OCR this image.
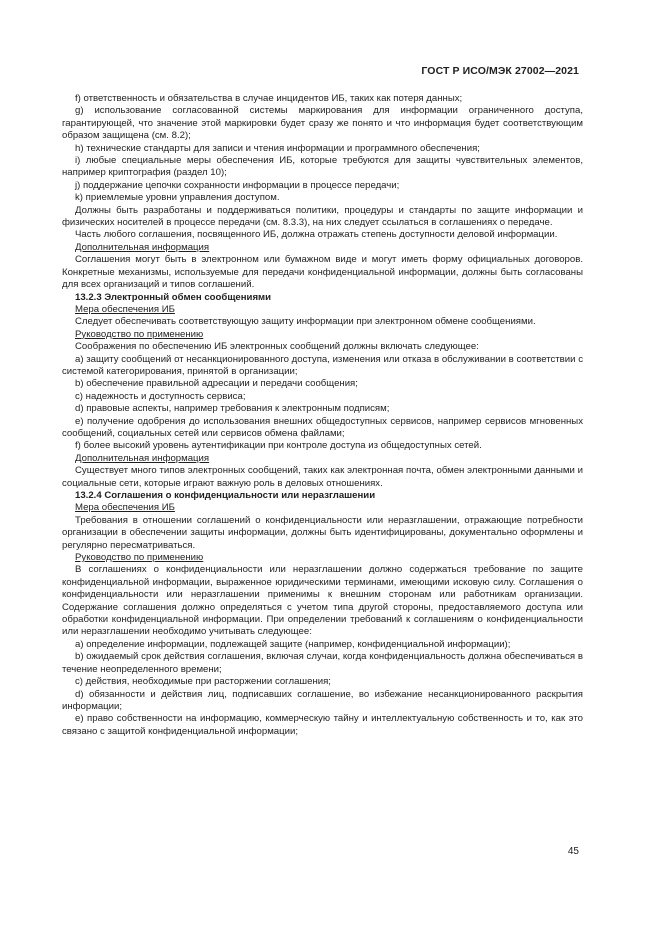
ГОСТ Р ИСО/МЭК 27002—2021

f) ответственность и обязательства в случае инцидентов ИБ, таких как потеря данных;

g) использование согласованной системы маркирования для информации ограниченного доступа, гарантирующей, что значение этой маркировки будет сразу же понято и что информация будет соответствующим образом защищена (см. 8.2);

h) технические стандарты для записи и чтения информации и программного обеспечения;

i) любые специальные меры обеспечения ИБ, которые требуются для защиты чувствительных элементов, например криптография (раздел 10);

j) поддержание цепочки сохранности информации в процессе передачи;

k) приемлемые уровни управления доступом.

Должны быть разработаны и поддерживаться политики, процедуры и стандарты по защите информации и физических носителей в процессе передачи (см. 8.3.3), на них следует ссылаться в соглашениях о передаче.

Часть любого соглашения, посвященного ИБ, должна отражать степень доступности деловой информации.

Дополнительная информация

Соглашения могут быть в электронном или бумажном виде и могут иметь форму официальных договоров. Конкретные механизмы, используемые для передачи конфиденциальной информации, должны быть согласованы для всех организаций и типов соглашений.

13.2.3 Электронный обмен сообщениями

Мера обеспечения ИБ

Следует обеспечивать соответствующую защиту информации при электронном обмене сообщениями.

Руководство по применению

Соображения по обеспечению ИБ электронных сообщений должны включать следующее:

a) защиту сообщений от несанкционированного доступа, изменения или отказа в обслуживании в соответствии с системой категорирования, принятой в организации;

b) обеспечение правильной адресации и передачи сообщения;

c) надежность и доступность сервиса;

d) правовые аспекты, например требования к электронным подписям;

e) получение одобрения до использования внешних общедоступных сервисов, например сервисов мгновенных сообщений, социальных сетей или сервисов обмена файлами;

f) более высокий уровень аутентификации при контроле доступа из общедоступных сетей.

Дополнительная информация

Существует много типов электронных сообщений, таких как электронная почта, обмен электронными данными и социальные сети, которые играют важную роль в деловых отношениях.

13.2.4 Соглашения о конфиденциальности или неразглашении

Мера обеспечения ИБ

Требования в отношении соглашений о конфиденциальности или неразглашении, отражающие потребности организации в обеспечении защиты информации, должны быть идентифицированы, документально оформлены и регулярно пересматриваться.

Руководство по применению

В соглашениях о конфиденциальности или неразглашении должно содержаться требование по защите конфиденциальной информации, выраженное юридическими терминами, имеющими исковую силу. Соглашения о конфиденциальности или неразглашении применимы к внешним сторонам или работникам организации. Содержание соглашения должно определяться с учетом типа другой стороны, предоставляемого доступа или обработки конфиденциальной информации. При определении требований к соглашениям о конфиденциальности или неразглашении необходимо учитывать следующее:

a) определение информации, подлежащей защите (например, конфиденциальной информации);

b) ожидаемый срок действия соглашения, включая случаи, когда конфиденциальность должна обеспечиваться в течение неопределенного времени;

c) действия, необходимые при расторжении соглашения;

d) обязанности и действия лиц, подписавших соглашение, во избежание несанкционированного раскрытия информации;

e) право собственности на информацию, коммерческую тайну и интеллектуальную собственность и то, как это связано с защитой конфиденциальной информации;

45
